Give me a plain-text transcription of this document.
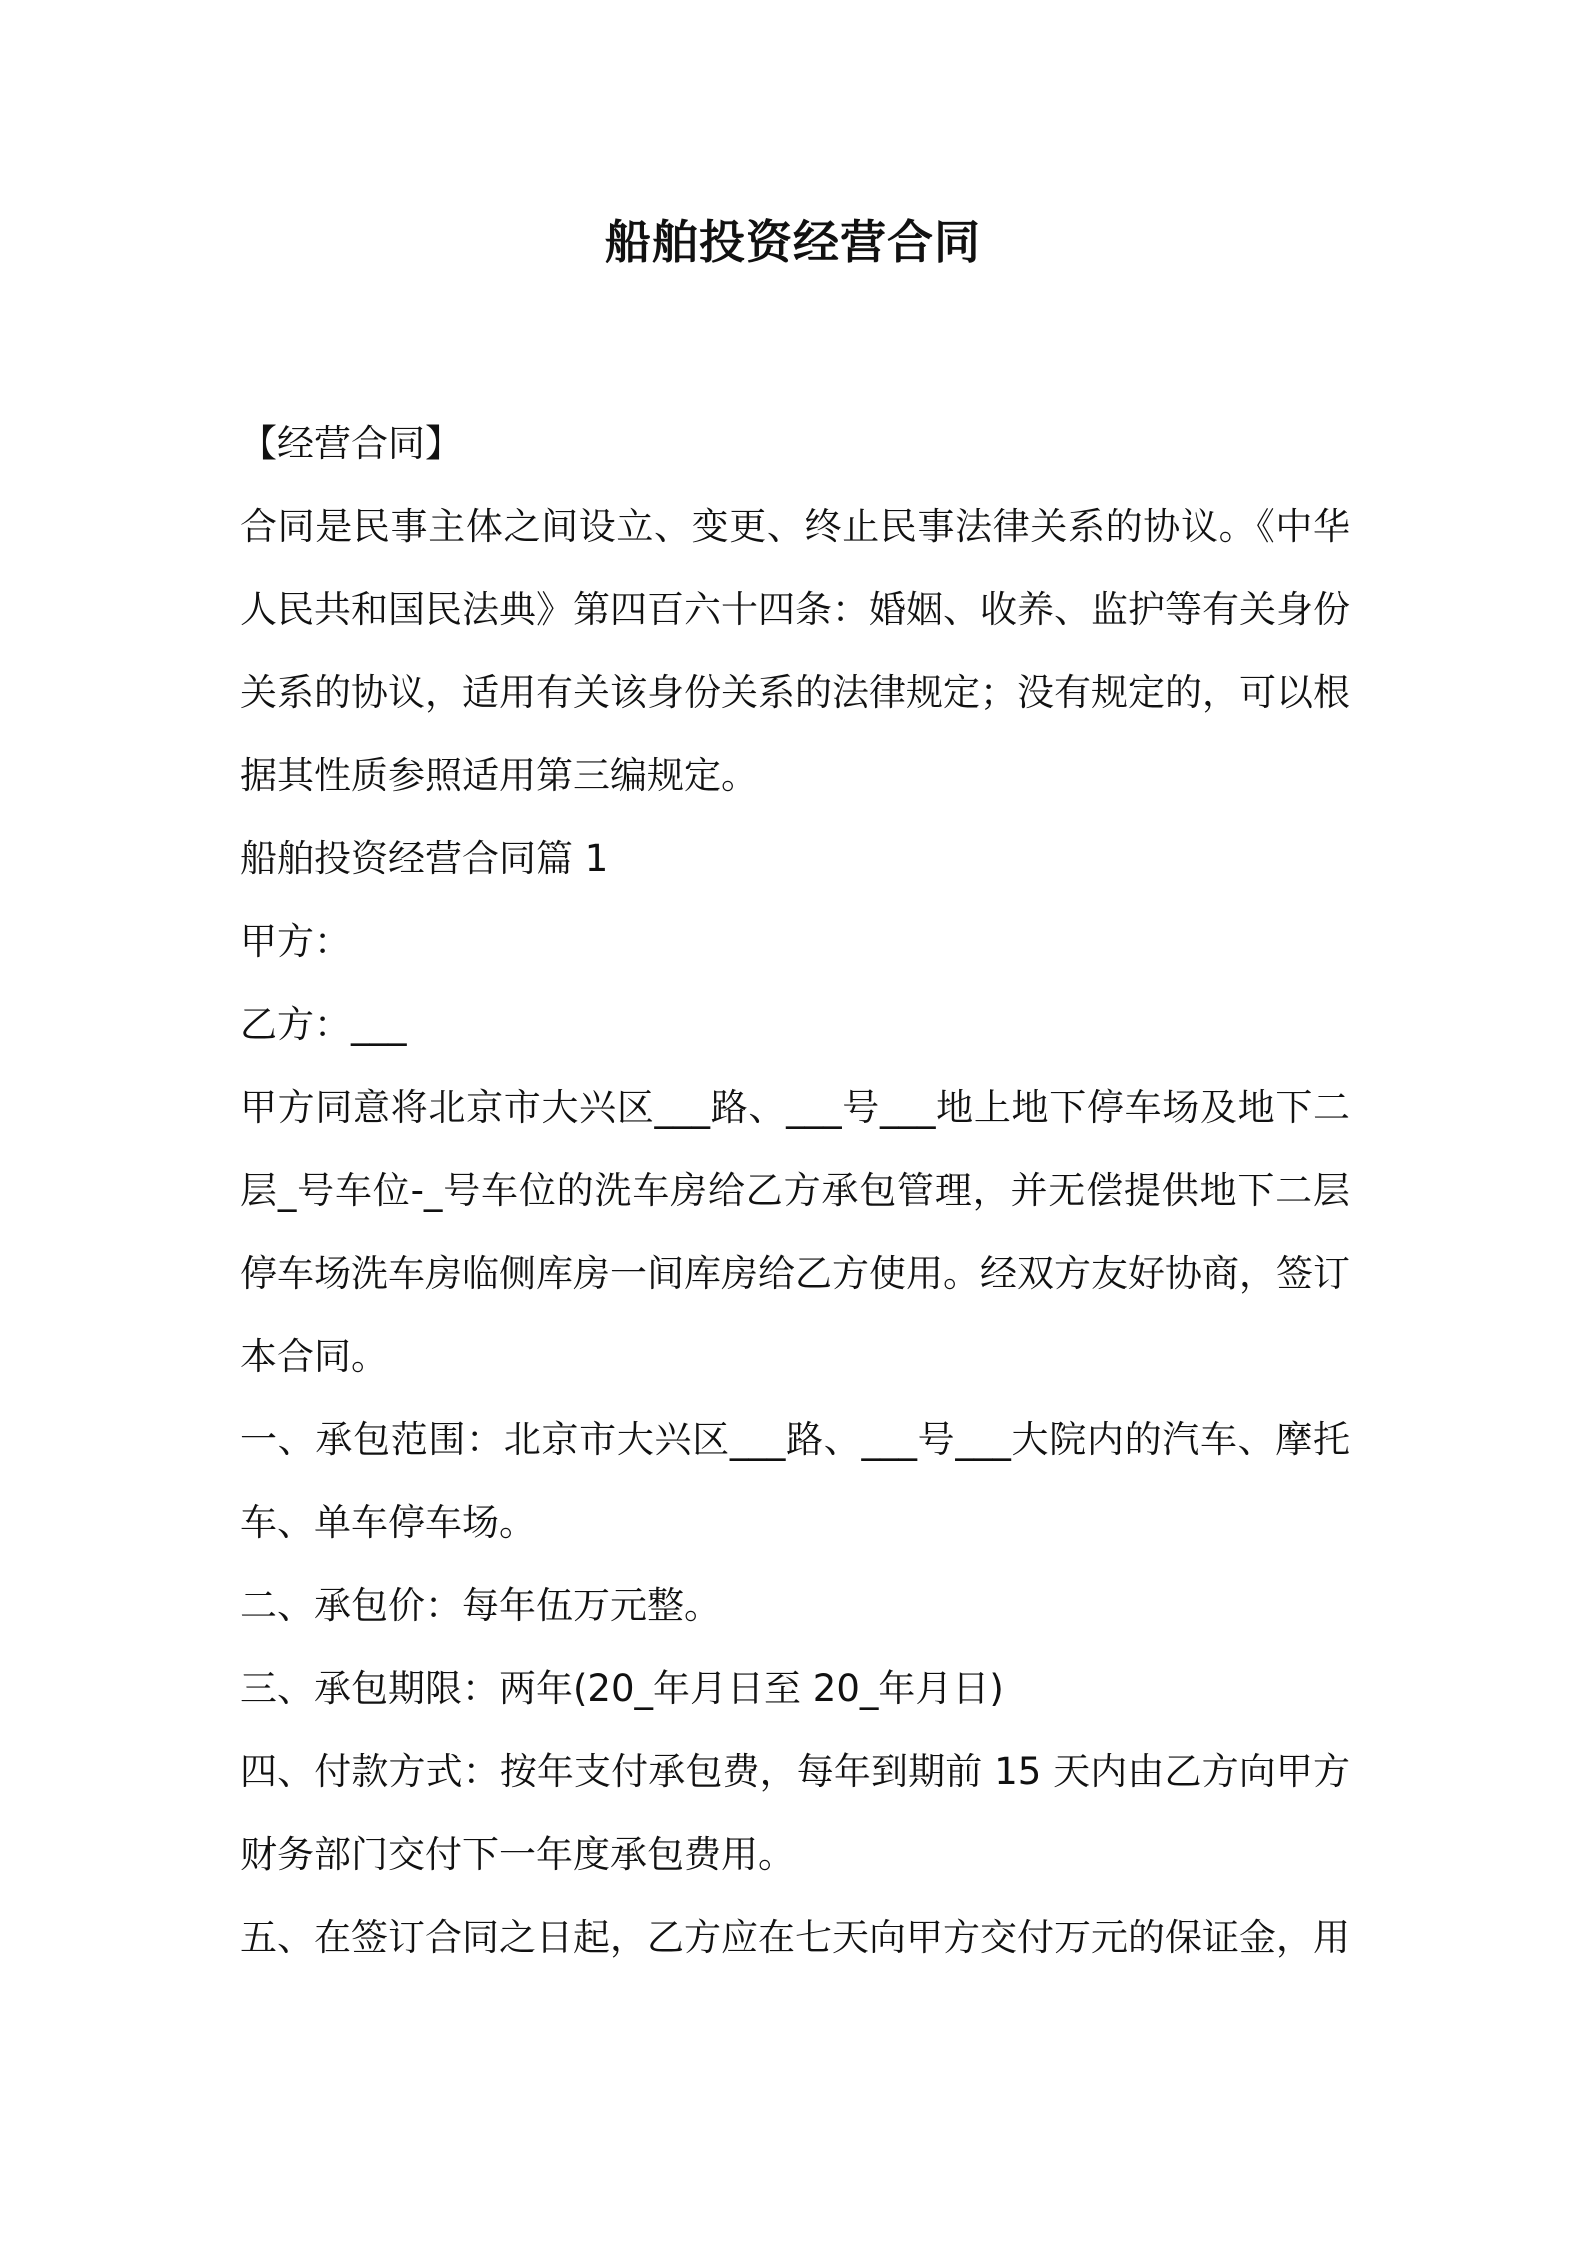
船舶投资经营合同

【经营合同】

合同是民事主体之间设立、变更、终止民事法律关系的协议。《中华人民共和国民法典》第四百六十四条：婚姻、收养、监护等有关身份关系的协议，适用有关该身份关系的法律规定；没有规定的，可以根据其性质参照适用第三编规定。

船舶投资经营合同篇 1

甲方：

乙方：___

甲方同意将北京市大兴区___路、___号___地上地下停车场及地下二层_号车位-_号车位的洗车房给乙方承包管理，并无偿提供地下二层停车场洗车房临侧库房一间库房给乙方使用。经双方友好协商，签订本合同。

一、承包范围：北京市大兴区___路、___号___大院内的汽车、摩托车、单车停车场。

二、承包价：每年伍万元整。

三、承包期限：两年(20_年月日至 20_年月日)

四、付款方式：按年支付承包费，每年到期前 15 天内由乙方向甲方财务部门交付下一年度承包费用。

五、在签订合同之日起，乙方应在七天向甲方交付万元的保证金，用
